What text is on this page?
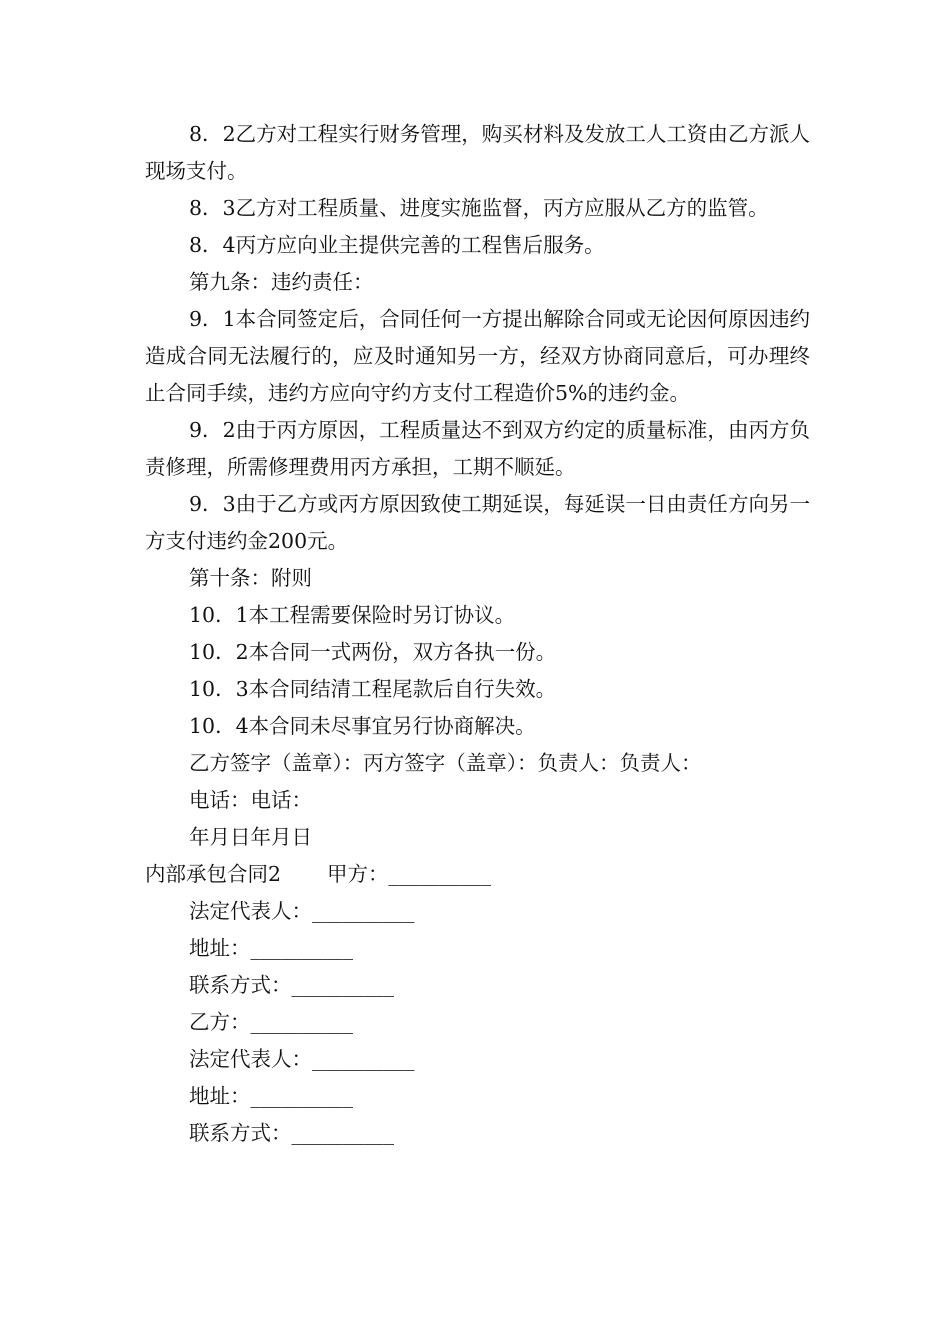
8．2乙方对工程实行财务管理，购买材料及发放工人工资由乙方派人现场支付。

8．3乙方对工程质量、进度实施监督，丙方应服从乙方的监管。

8．4丙方应向业主提供完善的工程售后服务。

第九条：违约责任：

9．1本合同签定后，合同任何一方提出解除合同或无论因何原因违约造成合同无法履行的，应及时通知另一方，经双方协商同意后，可办理终止合同手续，违约方应向守约方支付工程造价5%的违约金。

9．2由于丙方原因，工程质量达不到双方约定的质量标准，由丙方负责修理，所需修理费用丙方承担，工期不顺延。

9．3由于乙方或丙方原因致使工期延误，每延误一日由责任方向另一方支付违约金200元。

第十条：附则

10．1本工程需要保险时另订协议。

10．2本合同一式两份，双方各执一份。

10．3本合同结清工程尾款后自行失效。

10．4本合同未尽事宜另行协商解决。

乙方签字（盖章）：丙方签字（盖章）：负责人：负责人：

电话：电话：

年月日年月日

内部承包合同2 甲方：__________

法定代表人：__________

地址：__________

联系方式：__________

乙方：__________

法定代表人：__________

地址：__________

联系方式：__________
